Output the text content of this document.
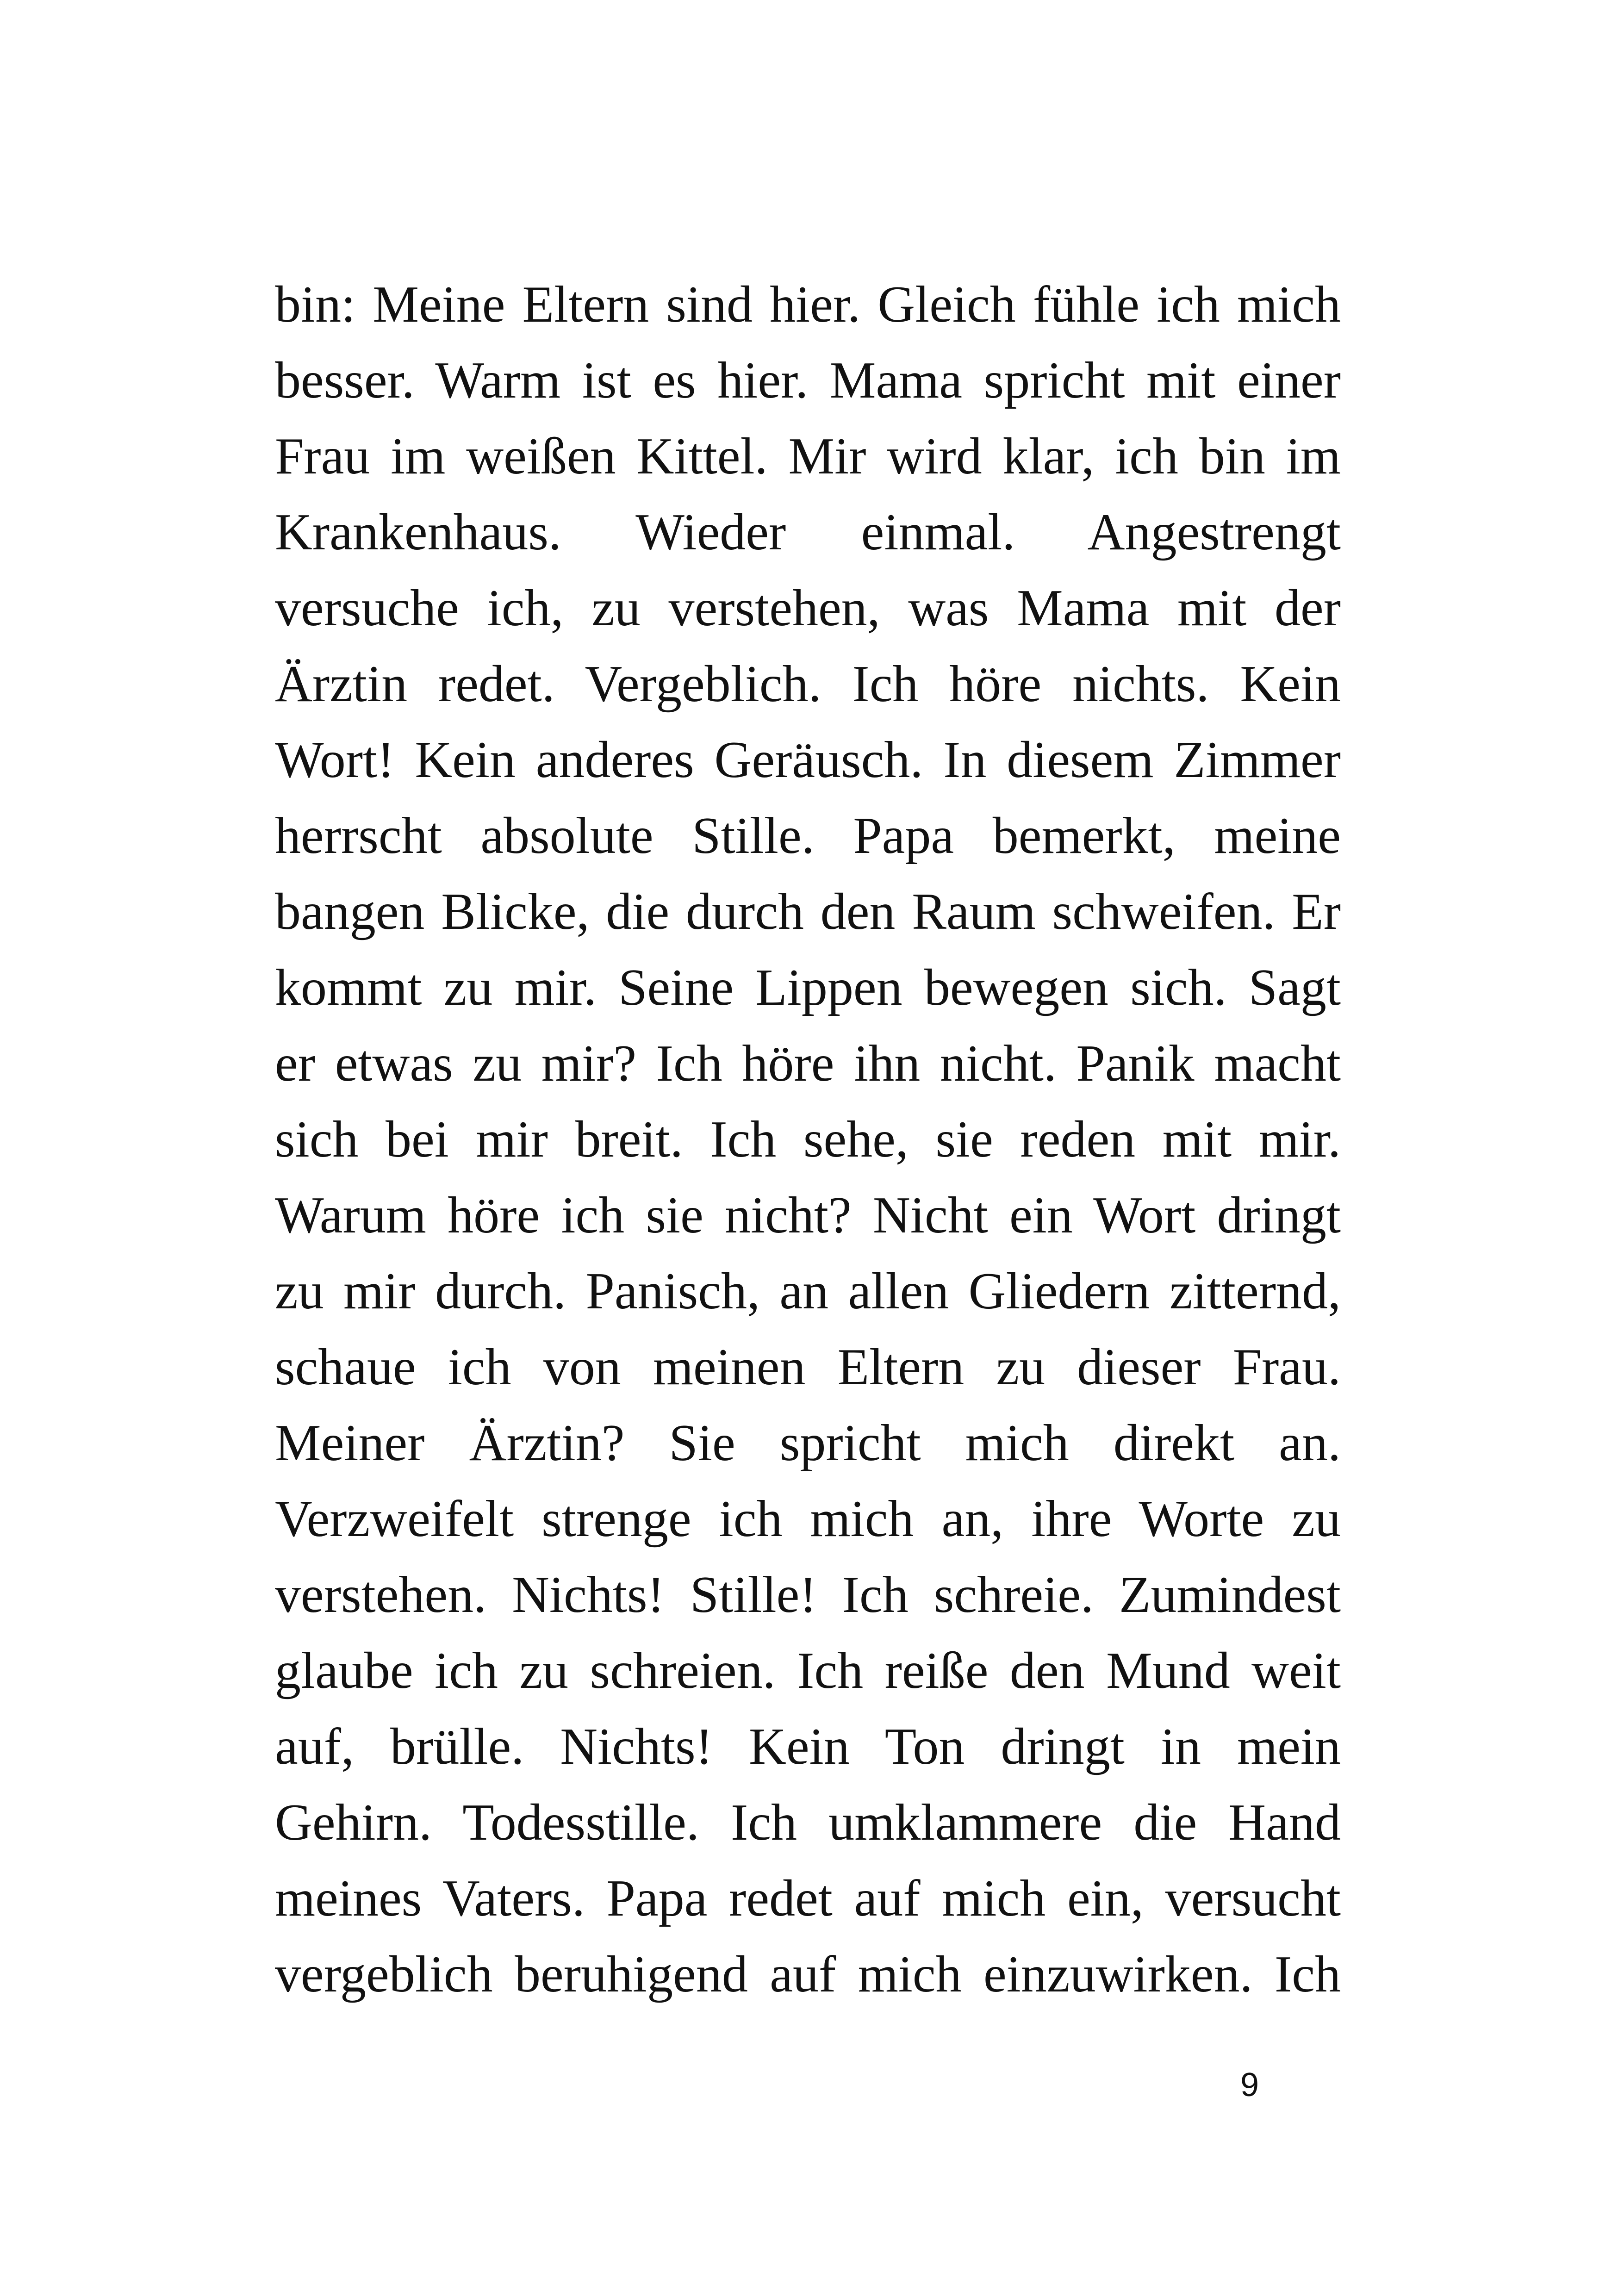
bin: Meine Eltern sind hier. Gleich fühle ich mich
besser. Warm ist es hier. Mama spricht mit einer
Frau im weißen Kittel. Mir wird klar, ich bin im
Krankenhaus. Wieder einmal. Angestrengt
versuche ich, zu verstehen, was Mama mit der
Ärztin redet. Vergeblich. Ich höre nichts. Kein
Wort! Kein anderes Geräusch. In diesem Zimmer
herrscht absolute Stille. Papa bemerkt, meine
bangen Blicke, die durch den Raum schweifen. Er
kommt zu mir. Seine Lippen bewegen sich. Sagt
er etwas zu mir? Ich höre ihn nicht. Panik macht
sich bei mir breit. Ich sehe, sie reden mit mir.
Warum höre ich sie nicht? Nicht ein Wort dringt
zu mir durch. Panisch, an allen Gliedern zitternd,
schaue ich von meinen Eltern zu dieser Frau.
Meiner Ärztin? Sie spricht mich direkt an.
Verzweifelt strenge ich mich an, ihre Worte zu
verstehen. Nichts! Stille! Ich schreie. Zumindest
glaube ich zu schreien. Ich reiße den Mund weit
auf, brülle. Nichts! Kein Ton dringt in mein
Gehirn. Todesstille. Ich umklammere die Hand
meines Vaters. Papa redet auf mich ein, versucht
vergeblich beruhigend auf mich einzuwirken. Ich
9
